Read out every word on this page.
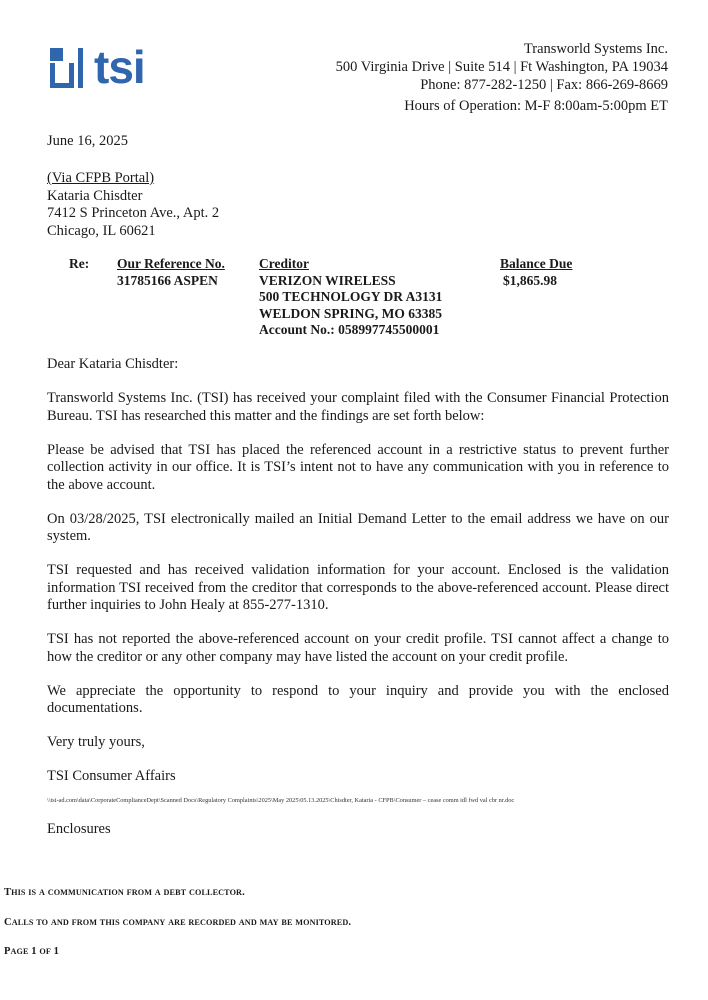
tsi	Transworld Systems Inc.
500 Virginia Drive | Suite 514 | Ft Washington, PA 19034
Phone: 877-282-1250 | Fax: 866-269-8669
Hours of Operation: M-F 8:00am-5:00pm ET
June 16, 2025
(Via CFPB Portal)
Kataria Chisdter
7412 S Princeton Ave., Apt. 2
Chicago, IL 60621
Re: Our Reference No.
31785166 ASPEN
Creditor
VERIZON WIRELESS
500 TECHNOLOGY DR A3131
WELDON SPRING, MO 63385
Account No.: 058997745500001
Balance Due
$1,865.98

Dear Kataria Chisdter:

Transworld Systems Inc. (TSI) has received your complaint filed with the Consumer Financial Protection Bureau. TSI has researched this matter and the findings are set forth below:

Please be advised that TSI has placed the referenced account in a restrictive status to prevent further collection activity in our office. It is TSI’s intent not to have any communication with you in reference to the above account.

On 03/28/2025, TSI electronically mailed an Initial Demand Letter to the email address we have on our system.

TSI requested and has received validation information for your account. Enclosed is the validation information TSI received from the creditor that corresponds to the above-referenced account. Please direct further inquiries to John Healy at 855-277-1310.

TSI has not reported the above-referenced account on your credit profile. TSI cannot affect a change to how the creditor or any other company may have listed the account on your credit profile.

We appreciate the opportunity to respond to your inquiry and provide you with the enclosed documentations.

Very truly yours,

TSI Consumer Affairs

\\tsi-ad.com\data\CorporateComplianceDept\Scanned Docs\Regulatory Complaints\2025\May 2025\05.13.2025\Chisdter, Kataria - CFPB\Consumer – cease comm idl fwd val cbr nr.doc
Enclosures
THIS IS A COMMUNICATION FROM A DEBT COLLECTOR.
CALLS TO AND FROM THIS COMPANY ARE RECORDED AND MAY BE MONITORED.
PAGE 1 OF 1
